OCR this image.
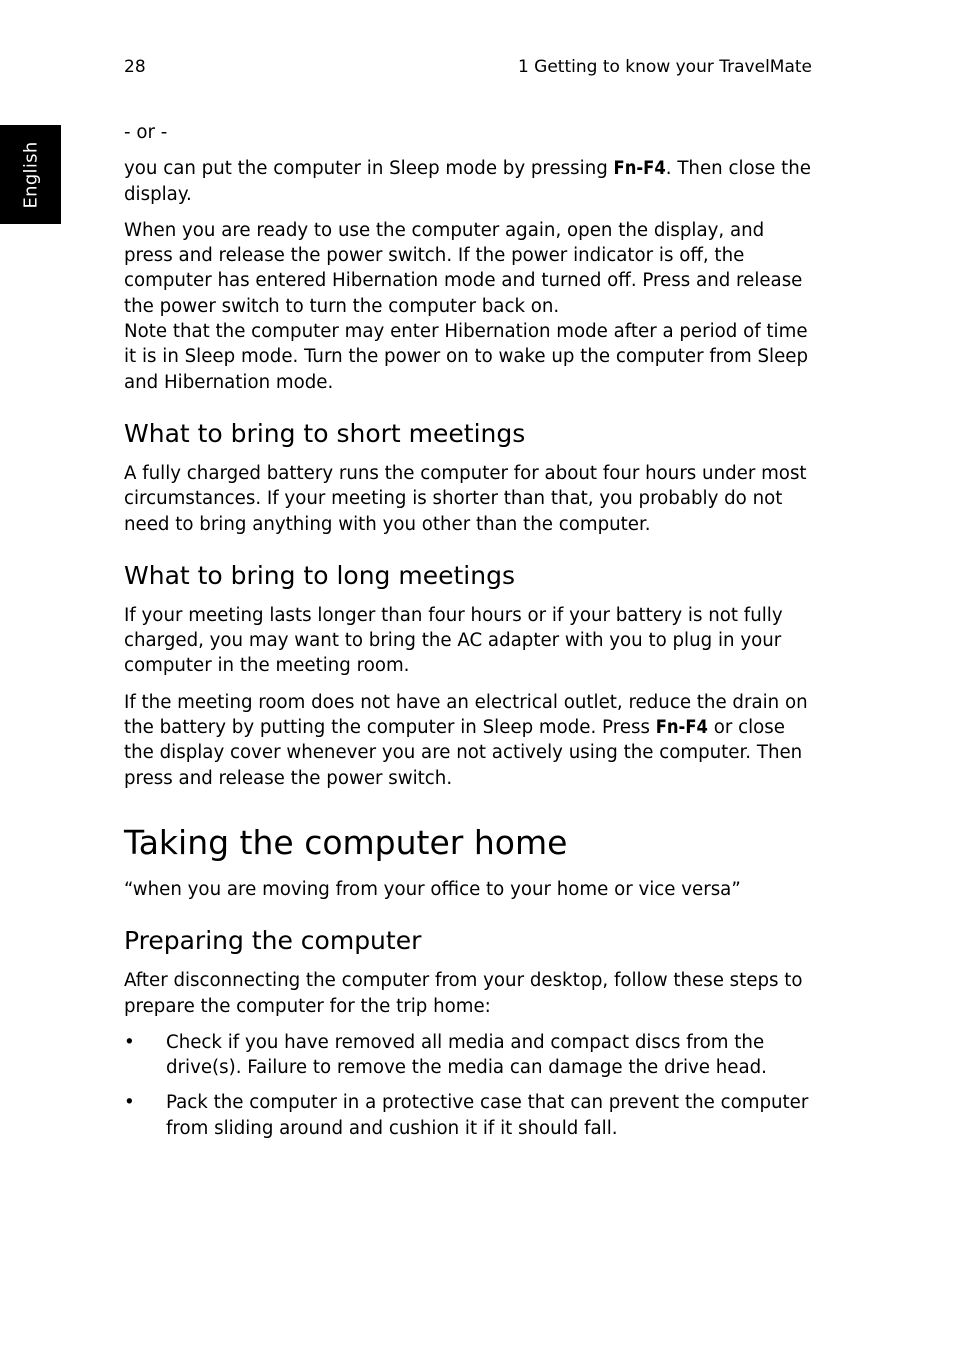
28	1 Getting to know your TravelMate
English

- or -

you can put the computer in Sleep mode by pressing Fn-F4. Then close the display.

When you are ready to use the computer again, open the display, and press and release the power switch. If the power indicator is off, the computer has entered Hibernation mode and turned off. Press and release the power switch to turn the computer back on.

Note that the computer may enter Hibernation mode after a period of time it is in Sleep mode. Turn the power on to wake up the computer from Sleep and Hibernation mode.

What to bring to short meetings

A fully charged battery runs the computer for about four hours under most circumstances. If your meeting is shorter than that, you probably do not need to bring anything with you other than the computer.

What to bring to long meetings

If your meeting lasts longer than four hours or if your battery is not fully charged, you may want to bring the AC adapter with you to plug in your computer in the meeting room.

If the meeting room does not have an electrical outlet, reduce the drain on the battery by putting the computer in Sleep mode. Press Fn-F4 or close the display cover whenever you are not actively using the computer. Then press and release the power switch.

Taking the computer home

“when you are moving from your office to your home or vice versa”

Preparing the computer

After disconnecting the computer from your desktop, follow these steps to prepare the computer for the trip home:

• Check if you have removed all media and compact discs from the drive(s). Failure to remove the media can damage the drive head.
• Pack the computer in a protective case that can prevent the computer from sliding around and cushion it if it should fall.
